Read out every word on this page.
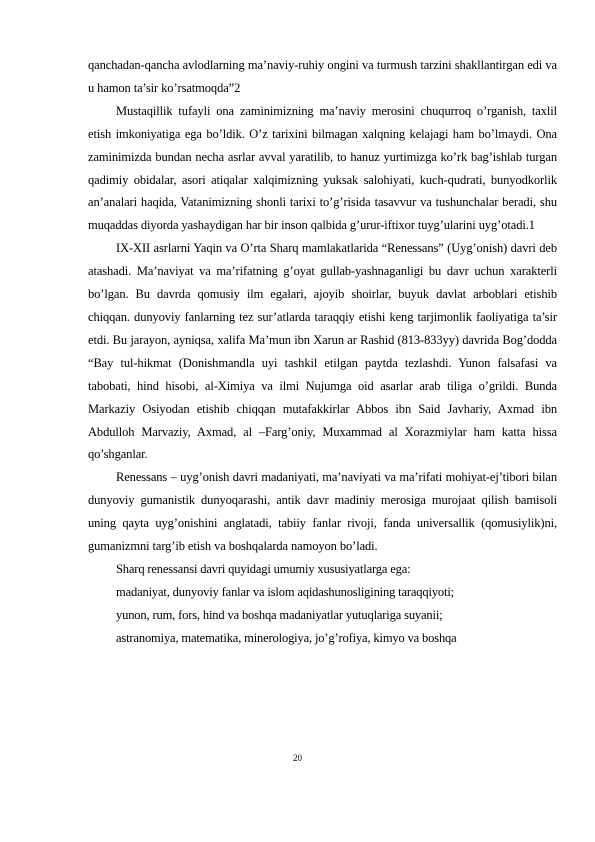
qanchadan-qancha avlodlarning ma’naviy-ruhiy ongini va turmush tarzini shakllantirgan edi va u hamon ta’sir ko’rsatmoqda”2

Mustaqillik tufayli ona zaminimizning ma’naviy merosini chuqurroq o’rganish, taxlil etish imkoniyatiga ega bo’ldik. O’z tarixini bilmagan xalqning kelajagi ham bo’lmaydi. Ona zaminimizda bundan necha asrlar avval yaratilib, to hanuz yurtimizga ko’rk bag’ishlab turgan qadimiy obidalar, asori atiqalar xalqimizning yuksak salohiyati, kuch-qudrati, bunyodkorlik an’analari haqida, Vatanimizning shonli tarixi to’g’risida tasavvur va tushunchalar beradi, shu muqaddas diyorda yashaydigan har bir inson qalbida g’urur-iftixor tuyg’ularini uyg’otadi.1

IX-XII asrlarni Yaqin va O’rta Sharq mamlakatlarida “Renessans” (Uyg’onish) davri deb atashadi. Ma’naviyat va ma’rifatning g’oyat gullab-yashnaganligi bu davr uchun xarakterli bo’lgan. Bu davrda qomusiy ilm egalari, ajoyib shoirlar, buyuk davlat arboblari etishib chiqqan. dunyoviy fanlarning tez sur’atlarda taraqqiy etishi keng tarjimonlik faoliyatiga ta’sir etdi. Bu jarayon, ayniqsa, xalifa Ma’mun ibn Xarun ar Rashid (813-833yy) davrida Bog’dodda “Bay tul-hikmat (Donishmandla uyi tashkil etilgan paytda tezlashdi. Yunon falsafasi va tabobati, hind hisobi, al-Ximiya va ilmi Nujumga oid asarlar arab tiliga o’grildi. Bunda Markaziy Osiyodan etishib chiqqan mutafakkirlar Abbos ibn Said Javhariy, Axmad ibn Abdulloh Marvaziy, Axmad, al –Farg’oniy, Muxammad al Xorazmiylar ham katta hissa qo’shganlar.

Renessans – uyg’onish davri madaniyati, ma’naviyati va ma’rifati mohiyat-ej’tibori bilan dunyoviy gumanistik dunyoqarashi, antik davr madiniy merosiga murojaat qilish bamisoli uning qayta uyg’onishini anglatadi, tabiiy fanlar rivoji, fanda universallik (qomusiylik)ni, gumanizmni targ’ib etish va boshqalarda namoyon bo’ladi.

Sharq renessansi davri quyidagi umumiy xususiyatlarga ega:

madaniyat, dunyoviy fanlar va islom aqidashunosligining taraqqiyoti;

yunon, rum, fors, hind va boshqa madaniyatlar yutuqlariga suyanii;

astranomiya, matematika, minerologiya, jo’g’rofiya, kimyo va boshqa

20
